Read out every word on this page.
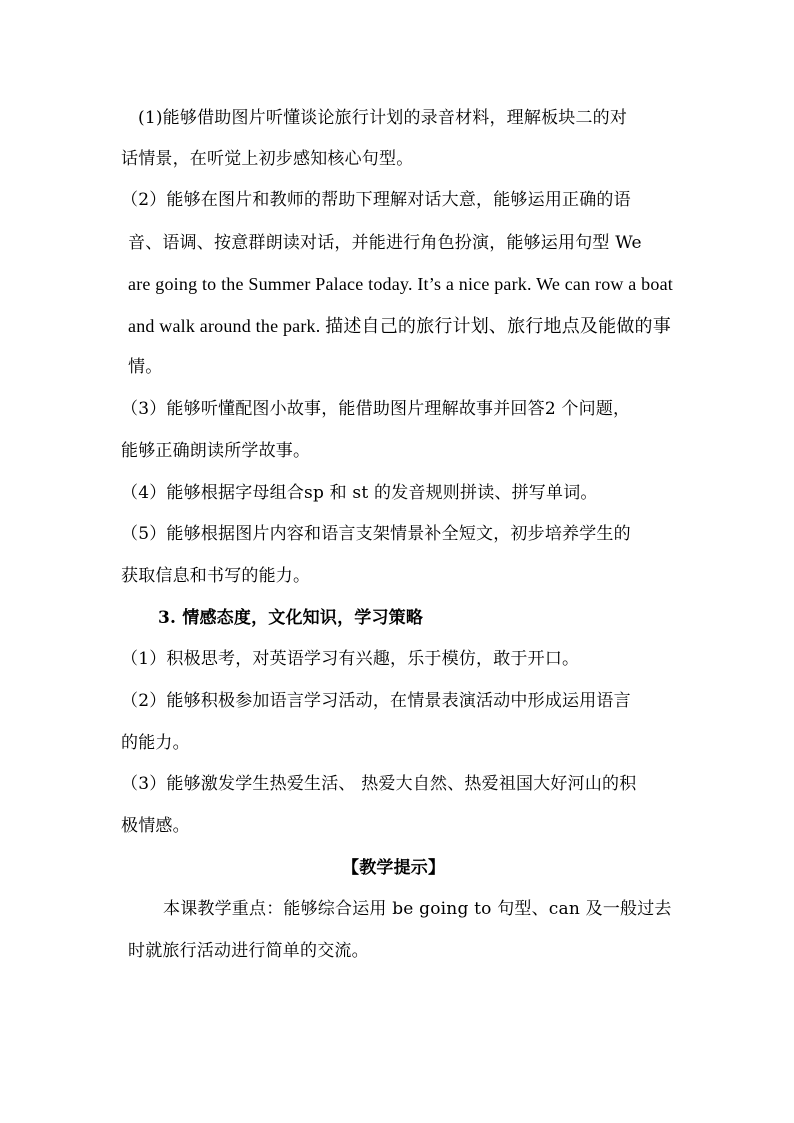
(1)能够借助图片听懂谈论旅行计划的录音材料，理解板块二的对
话情景，在听觉上初步感知核心句型。
（2）能够在图片和教师的帮助下理解对话大意，能够运用正确的语
音、语调、按意群朗读对话，并能进行角色扮演，能够运用句型 We
are going to the Summer Palace today. It’s a nice park. We can row a boat
and walk around the park. 描述自己的旅行计划、旅行地点及能做的事
情。
（3）能够听懂配图小故事，能借助图片理解故事并回答2 个问题，
能够正确朗读所学故事。
（4）能够根据字母组合sp 和 st 的发音规则拼读、拼写单词。
（5）能够根据图片内容和语言支架情景补全短文，初步培养学生的
获取信息和书写的能力。
3. 情感态度，文化知识，学习策略
（1）积极思考，对英语学习有兴趣，乐于模仿，敢于开口。
（2）能够积极参加语言学习活动，在情景表演活动中形成运用语言
的能力。
（3）能够激发学生热爱生活、 热爱大自然、热爱祖国大好河山的积
极情感。
【教学提示】
本课教学重点：能够综合运用 be going to 句型、can 及一般过去
时就旅行活动进行简单的交流。
